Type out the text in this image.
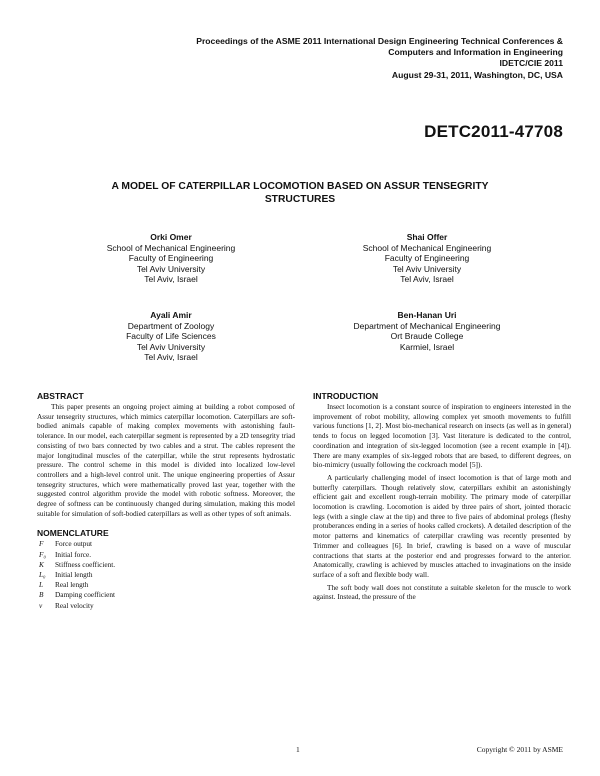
Proceedings of the ASME 2011 International Design Engineering Technical Conferences &
Computers and Information in Engineering
IDETC/CIE 2011
August 29-31, 2011, Washington, DC, USA
DETC2011-47708
A MODEL OF CATERPILLAR LOCOMOTION BASED ON ASSUR TENSEGRITY
STRUCTURES
Orki Omer
School of Mechanical Engineering
Faculty of Engineering
Tel Aviv University
Tel Aviv, Israel
Shai Offer
School of Mechanical Engineering
Faculty of Engineering
Tel Aviv University
Tel Aviv, Israel
Ayali Amir
Department of Zoology
Faculty of Life Sciences
Tel Aviv University
Tel Aviv, Israel
Ben-Hanan Uri
Department of Mechanical Engineering
Ort Braude College
Karmiel, Israel
ABSTRACT

This paper presents an ongoing project aiming at building a robot composed of Assur tensegrity structures, which mimics caterpillar locomotion. Caterpillars are soft-bodied animals capable of making complex movements with astonishing fault-tolerance. In our model, each caterpillar segment is represented by a 2D tensegrity triad consisting of two bars connected by two cables and a strut. The cables represent the major longitudinal muscles of the caterpillar, while the strut represents hydrostatic pressure. The control scheme in this model is divided into localized low-level controllers and a high-level control unit. The unique engineering properties of Assur tensegrity structures, which were mathematically proved last year, together with the suggested control algorithm provide the model with robotic softness. Moreover, the degree of softness can be continuously changed during simulation, making this model suitable for simulation of soft-bodied caterpillars as well as other types of soft animals.

NOMENCLATURE
F	Force output
F₀	Initial force.
K	Stiffness coefficient.
L₀	Initial length
L	Real length
B	Damping coefficient
v	Real velocity
INTRODUCTION

Insect locomotion is a constant source of inspiration to engineers interested in the improvement of robot mobility, allowing complex yet smooth movements to fulfill various functions [1, 2]. Most bio-mechanical research on insects (as well as in general) tends to focus on legged locomotion [3]. Vast literature is dedicated to the control, coordination and integration of six-legged locomotion (see a recent example in [4]). There are many examples of six-legged robots that are based, to different degrees, on bio-mimicry (usually following the cockroach model [5]).

A particularly challenging model of insect locomotion is that of large moth and butterfly caterpillars. Though relatively slow, caterpillars exhibit an astonishingly efficient gait and excellent rough-terrain mobility. The primary mode of caterpillar locomotion is crawling. Locomotion is aided by three pairs of short, jointed thoracic legs (with a single claw at the tip) and three to five pairs of abdominal prolegs (fleshy protuberances ending in a series of hooks called crockets). A detailed description of the motor patterns and kinematics of caterpillar crawling was recently presented by Trimmer and colleagues [6]. In brief, crawling is based on a wave of muscular contractions that starts at the posterior end and progresses forward to the anterior. Anatomically, crawling is achieved by muscles attached to invaginations on the inside surface of a soft and flexible body wall.

The soft body wall does not constitute a suitable skeleton for the muscle to work against. Instead, the pressure of the

1	Copyright © 2011 by ASME
